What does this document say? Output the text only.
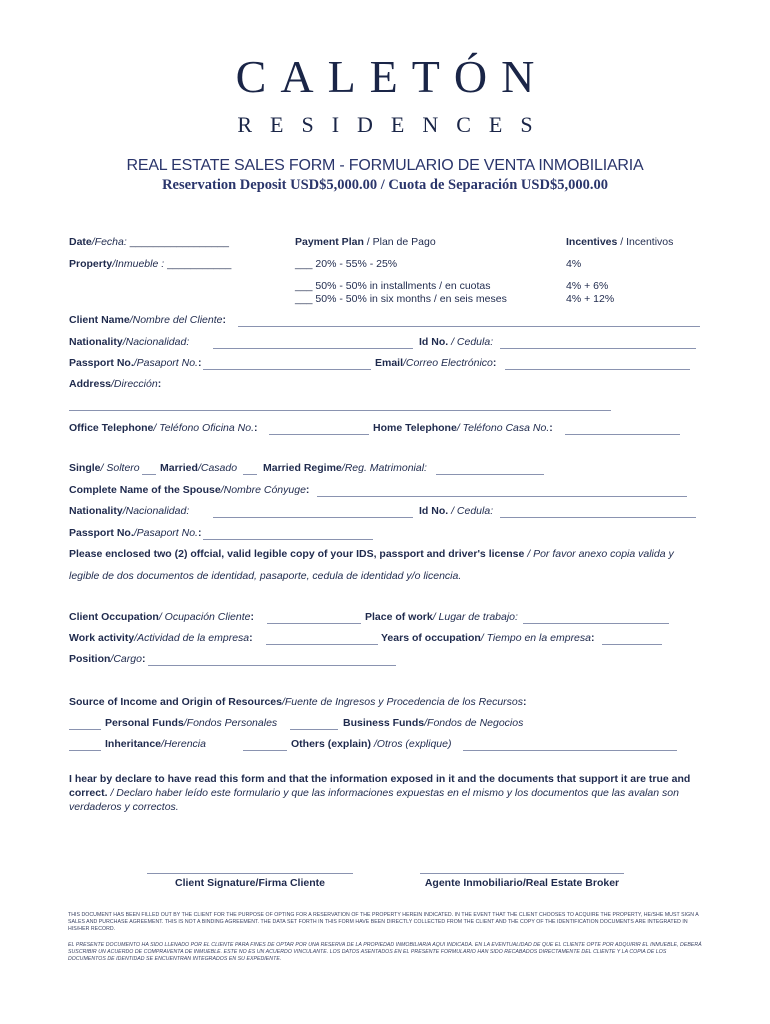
CALETÓN
RESIDENCES
REAL ESTATE SALES FORM - FORMULARIO DE VENTA INMOBILIARIA
Reservation Deposit USD$5,000.00 / Cuota de Separación USD$5,000.00
Date/Fecha: _________________	Payment Plan / Plan de Pago	Incentives / Incentivos
Property/Inmueble : ___________	___ 20% - 55% - 25%	4%
___ 50% - 50% in installments / en cuotas	4% + 6%
___ 50% - 50% in six months / en seis meses	4% + 12%
Client Name/Nombre del Cliente:
Nationality/Nacionalidad:	Id No. / Cedula:
Passport No./Pasaport No.:	Email/Correo Electrónico:
Address/Dirección:
Office Telephone/ Teléfono Oficina No.:	Home Telephone/ Teléfono Casa No.:
Single/ Soltero Married/Casado Married Regime/Reg. Matrimonial:
Complete Name of the Spouse/Nombre Cónyuge:
Nationality/Nacionalidad:	Id No. / Cedula:
Passport No./Pasaport No.:
Please enclosed two (2) offcial, valid legible copy of your IDS, passport and driver's license / Por favor anexo copia valida y
legible de dos documentos de identidad, pasaporte, cedula de identidad y/o licencia.
Client Occupation/ Ocupación Cliente:	Place of work/ Lugar de trabajo:
Work activity/Actividad de la empresa:	Years of occupation/ Tiempo en la empresa:
Position/Cargo:
Source of Income and Origin of Resources/Fuente de Ingresos y Procedencia de los Recursos:
Personal Funds/Fondos Personales	Business Funds/Fondos de Negocios
Inheritance/Herencia	Others (explain) /Otros (explique)
I hear by declare to have read this form and that the information exposed in it and the documents that support it are true and
correct. / Declaro haber leído este formulario y que las informaciones expuestas en el mismo y los documentos que las avalan son
verdaderos y correctos.
Client Signature/Firma Cliente	Agente Inmobiliario/Real Estate Broker
THIS DOCUMENT HAS BEEN FILLED OUT BY THE CLIENT FOR THE PURPOSE OF OPTING FOR A RESERVATION OF THE PROPERTY HEREIN INDICATED. IN THE EVENT THAT THE CLIENT CHOOSES TO ACQUIRE THE PROPERTY, HE/SHE MUST SIGN A SALES AND PURCHASE AGREEMENT. THIS IS NOT A BINDING AGREEMENT. THE DATA SET FORTH IN THIS FORM HAVE BEEN DIRECTLY COLLECTED FROM THE CLIENT AND THE COPY OF THE IDENTIFICATION DOCUMENTS ARE INTEGRATED IN HIS/HER RECORD.
EL PRESENTE DOCUMENTO HA SIDO LLENADO POR EL CLIENTE PARA FINES DE OPTAR POR UNA RESERVA DE LA PROPIEDAD INMOBILIARIA AQUI INDICADA. EN LA EVENTUALIDAD DE QUE EL CLIENTE OPTE POR ADQUIRIR EL INMUEBLE, DEBERÁ SUSCRIBIR UN ACUERDO DE COMPRAVENTA DE INMUEBLE. ESTE NO ES UN ACUERDO VINCULANTE. LOS DATOS ASENTADOS EN EL PRESENTE FORMULARIO HAN SIDO RECABADOS DIRECTAMENTE DEL CLIENTE Y LA COPIA DE LOS DOCUMENTOS DE IDENTIDAD SE ENCUENTRAN INTEGRADOS EN SU EXPEDIENTE.
